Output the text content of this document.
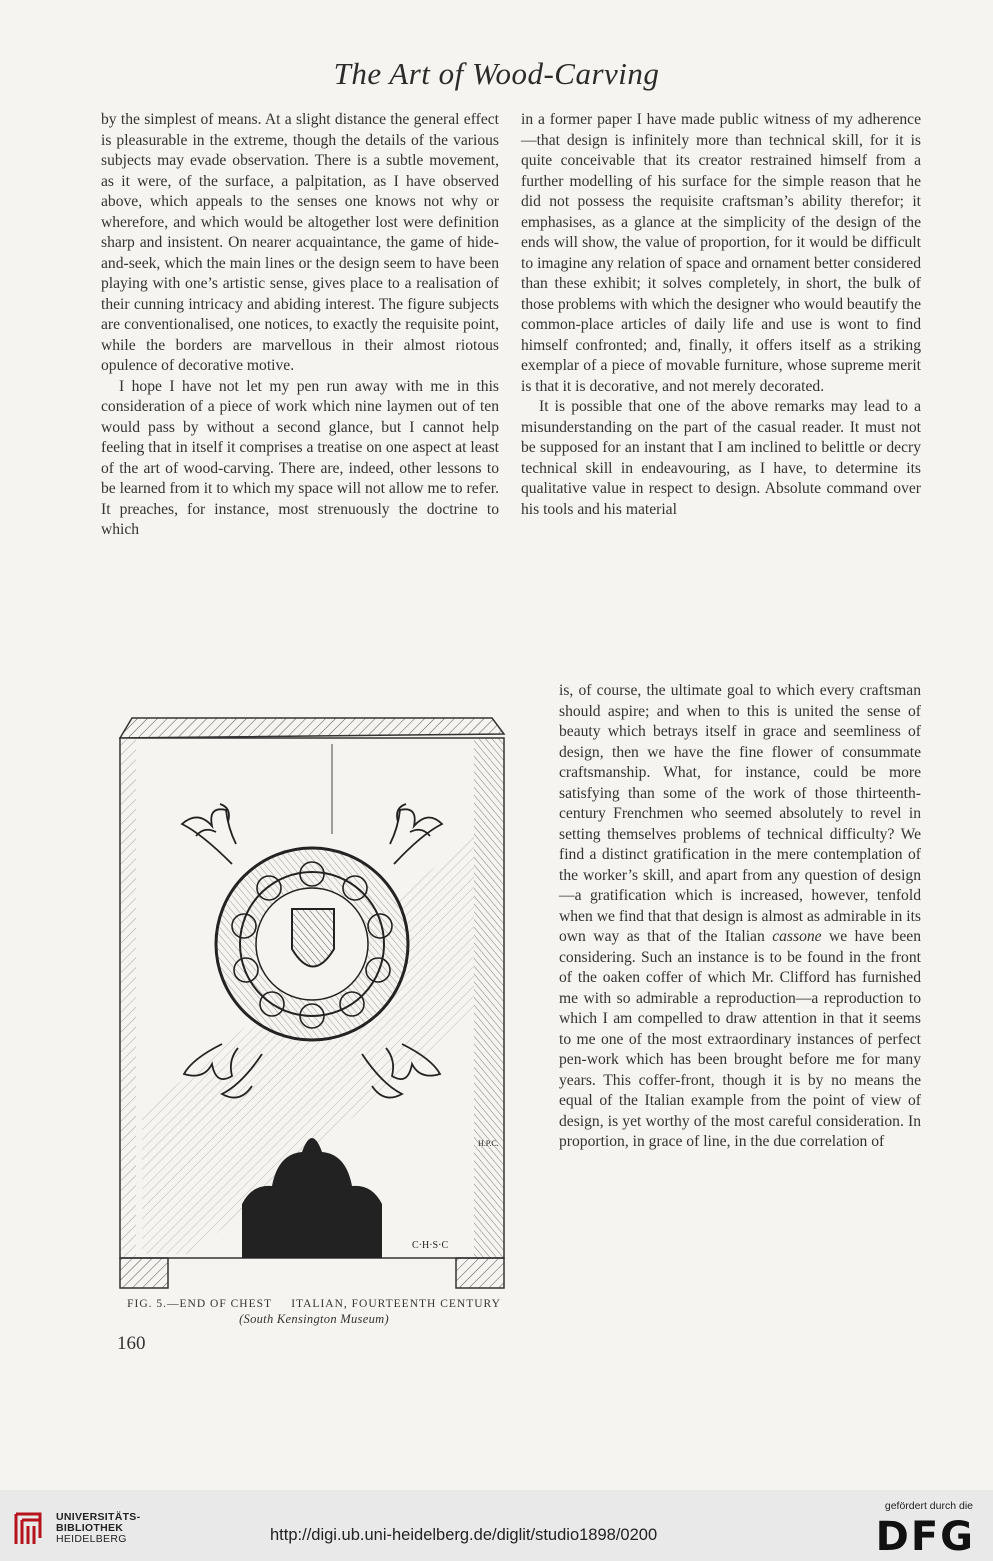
The Art of Wood-Carving

by the simplest of means. At a slight distance the general effect is pleasurable in the extreme, though the details of the various subjects may evade observation. There is a subtle movement, as it were, of the surface, a palpitation, as I have observed above, which appeals to the senses one knows not why or wherefore, and which would be altogether lost were definition sharp and insistent. On nearer acquaintance, the game of hide-and-seek, which the main lines or the design seem to have been playing with one’s artistic sense, gives place to a realisation of their cunning intricacy and abiding interest. The figure subjects are conventionalised, one notices, to exactly the requisite point, while the borders are marvellous in their almost riotous opulence of decorative motive.

I hope I have not let my pen run away with me in this consideration of a piece of work which nine laymen out of ten would pass by without a second glance, but I cannot help feeling that in itself it comprises a treatise on one aspect at least of the art of wood-carving. There are, indeed, other lessons to be learned from it to which my space will not allow me to refer. It preaches, for instance, most strenuously the doctrine to which

in a former paper I have made public witness of my adherence—that design is infinitely more than technical skill, for it is quite conceivable that its creator restrained himself from a further modelling of his surface for the simple reason that he did not possess the requisite craftsman’s ability therefor; it emphasises, as a glance at the simplicity of the design of the ends will show, the value of proportion, for it would be difficult to imagine any relation of space and ornament better considered than these exhibit; it solves completely, in short, the bulk of those problems with which the designer who would beautify the common-place articles of daily life and use is wont to find himself confronted; and, finally, it offers itself as a striking exemplar of a piece of movable furniture, whose supreme merit is that it is decorative, and not merely decorated.

It is possible that one of the above remarks may lead to a misunderstanding on the part of the casual reader. It must not be supposed for an instant that I am inclined to belittle or decry technical skill in endeavouring, as I have, to determine its qualitative value in respect to design. Absolute command over his tools and his material

is, of course, the ultimate goal to which every craftsman should aspire; and when to this is united the sense of beauty which betrays itself in grace and seemliness of design, then we have the fine flower of consummate craftsmanship. What, for instance, could be more satisfying than some of the work of those thirteenth-century Frenchmen who seemed absolutely to revel in setting themselves problems of technical difficulty? We find a distinct gratification in the mere contemplation of the worker’s skill, and apart from any question of design—a gratification which is increased, however, tenfold when we find that that design is almost as admirable in its own way as that of the Italian cassone we have been considering. Such an instance is to be found in the front of the oaken coffer of which Mr. Clifford has furnished me with so admirable a reproduction—a reproduction to which I am compelled to draw attention in that it seems to me one of the most extraordinary instances of perfect pen-work which has been brought before me for many years. This coffer-front, though it is by no means the equal of the Italian example from the point of view of design, is yet worthy of the most careful consideration. In proportion, in grace of line, in the due correlation of

C·H·S·C
H.P.C.
FIG. 5.—END OF CHEST     ITALIAN, FOURTEENTH CENTURY
(South Kensington Museum)
160
UNIVERSITÄTS-
BIBLIOTHEK
HEIDELBERG	http://digi.ub.uni-heidelberg.de/diglit/studio1898/0200
gefördert durch die
DFG
